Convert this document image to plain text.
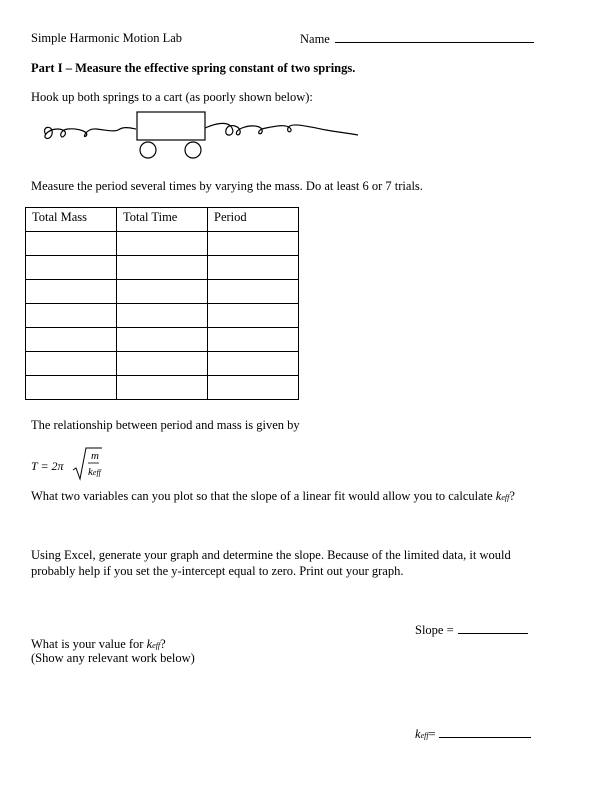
Simple Harmonic Motion Lab	Name
Part I – Measure the effective spring constant of two springs.
Hook up both springs to a cart (as poorly shown below):
Measure the period several times by varying the mass. Do at least 6 or 7 trials.
Total Mass	Total Time	Period

The relationship between period and mass is given by
T = 2π
m
keff
What two variables can you plot so that the slope of a linear fit would allow you to calculate keff?
Using Excel, generate your graph and determine the slope. Because of the limited data, it would
probably help if you set the y-intercept equal to zero. Print out your graph.
Slope =
What is your value for keff?
(Show any relevant work below)
keff=
